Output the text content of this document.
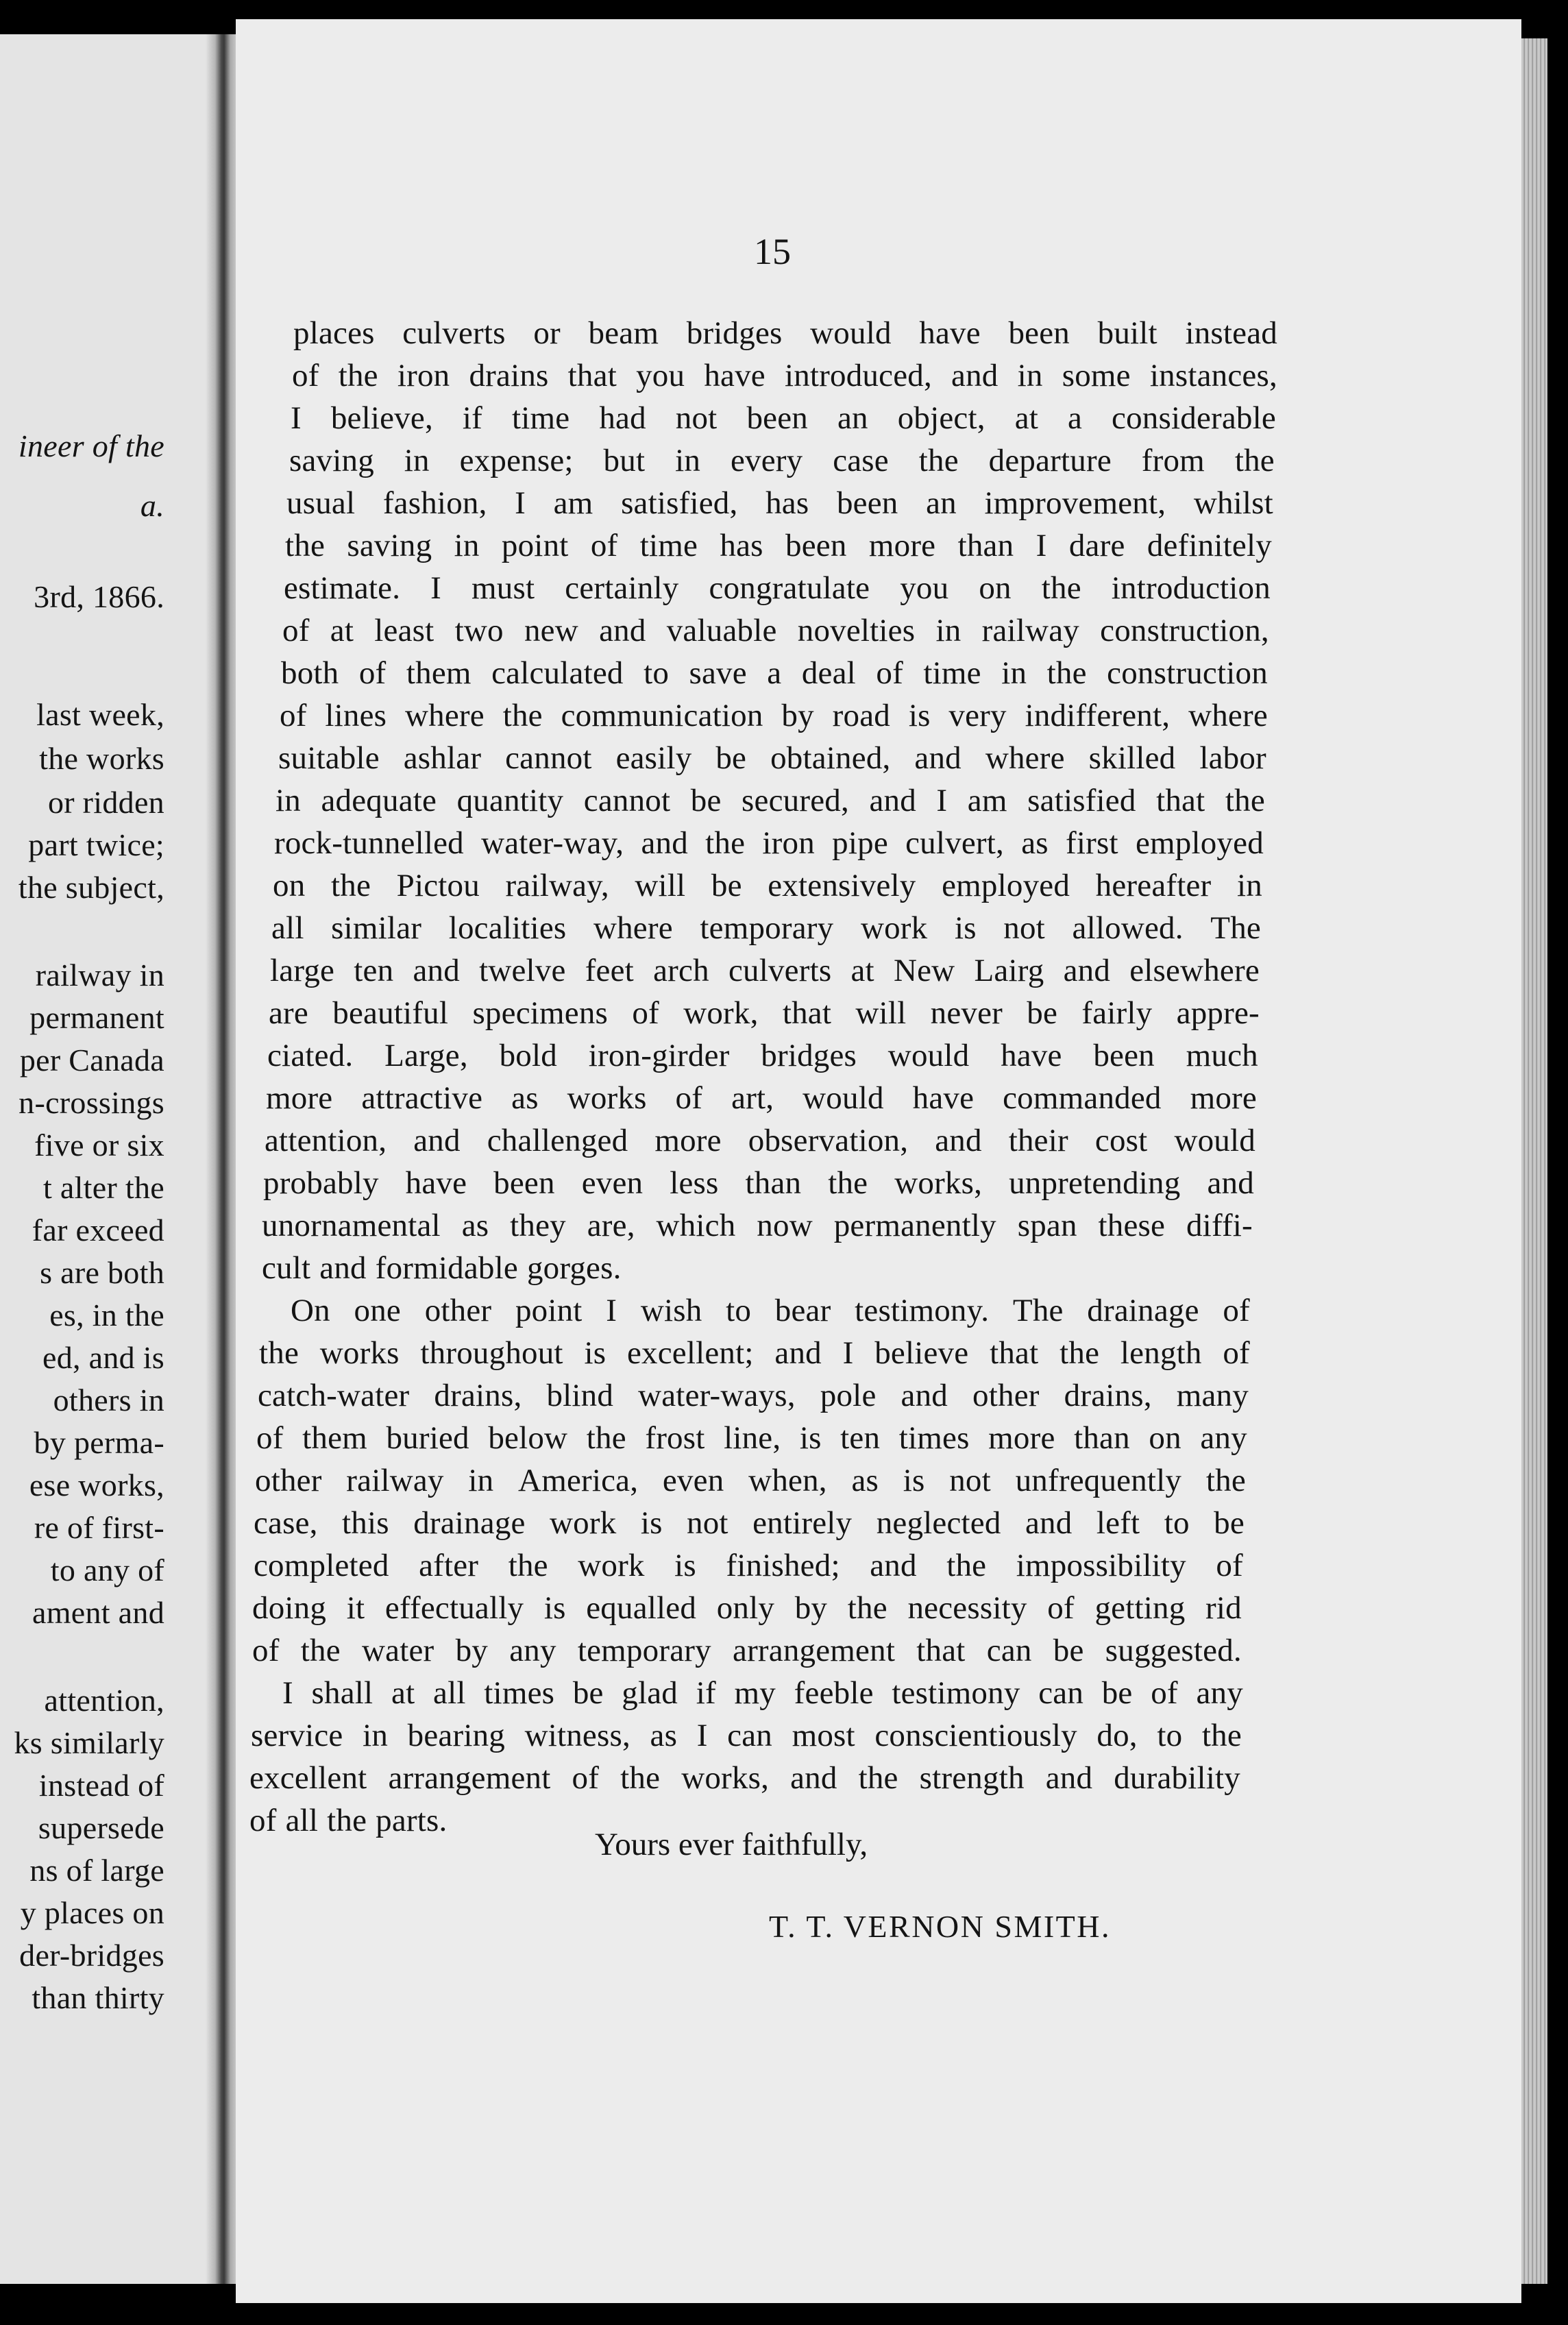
ineer of the
a.
3rd, 1866.
last week,
the works
or ridden
part twice;
the subject,
railway in
permanent
per Canada
n-crossings
five or six
t alter the
far exceed
s are both
es, in the
ed, and is
others in
by perma-
ese works,
re of first-
to any of
ament and
attention,
ks similarly
instead of
supersede
ns of large
y places on
der-bridges
than thirty
15
places culverts or beam bridges would have been built instead
of the iron drains that you have introduced, and in some instances,
I believe, if time had not been an object, at a considerable
saving in expense; but in every case the departure from the
usual fashion, I am satisfied, has been an improvement, whilst
the saving in point of time has been more than I dare definitely
estimate. I must certainly congratulate you on the introduction
of at least two new and valuable novelties in railway construction,
both of them calculated to save a deal of time in the construction
of lines where the communication by road is very indifferent, where
suitable ashlar cannot easily be obtained, and where skilled labor
in adequate quantity cannot be secured, and I am satisfied that the
rock-tunnelled water-way, and the iron pipe culvert, as first employed
on the Pictou railway, will be extensively employed hereafter in
all similar localities where temporary work is not allowed. The
large ten and twelve feet arch culverts at New Lairg and elsewhere
are beautiful specimens of work, that will never be fairly appre-
ciated. Large, bold iron-girder bridges would have been much
more attractive as works of art, would have commanded more
attention, and challenged more observation, and their cost would
probably have been even less than the works, unpretending and
unornamental as they are, which now permanently span these diffi-
cult and formidable gorges.
On one other point I wish to bear testimony. The drainage of
the works throughout is excellent; and I believe that the length of
catch-water drains, blind water-ways, pole and other drains, many
of them buried below the frost line, is ten times more than on any
other railway in America, even when, as is not unfrequently the
case, this drainage work is not entirely neglected and left to be
completed after the work is finished; and the impossibility of
doing it effectually is equalled only by the necessity of getting rid
of the water by any temporary arrangement that can be suggested.
I shall at all times be glad if my feeble testimony can be of any
service in bearing witness, as I can most conscientiously do, to the
excellent arrangement of the works, and the strength and durability
of all the parts.
Yours ever faithfully,
T. T. VERNON SMITH.
